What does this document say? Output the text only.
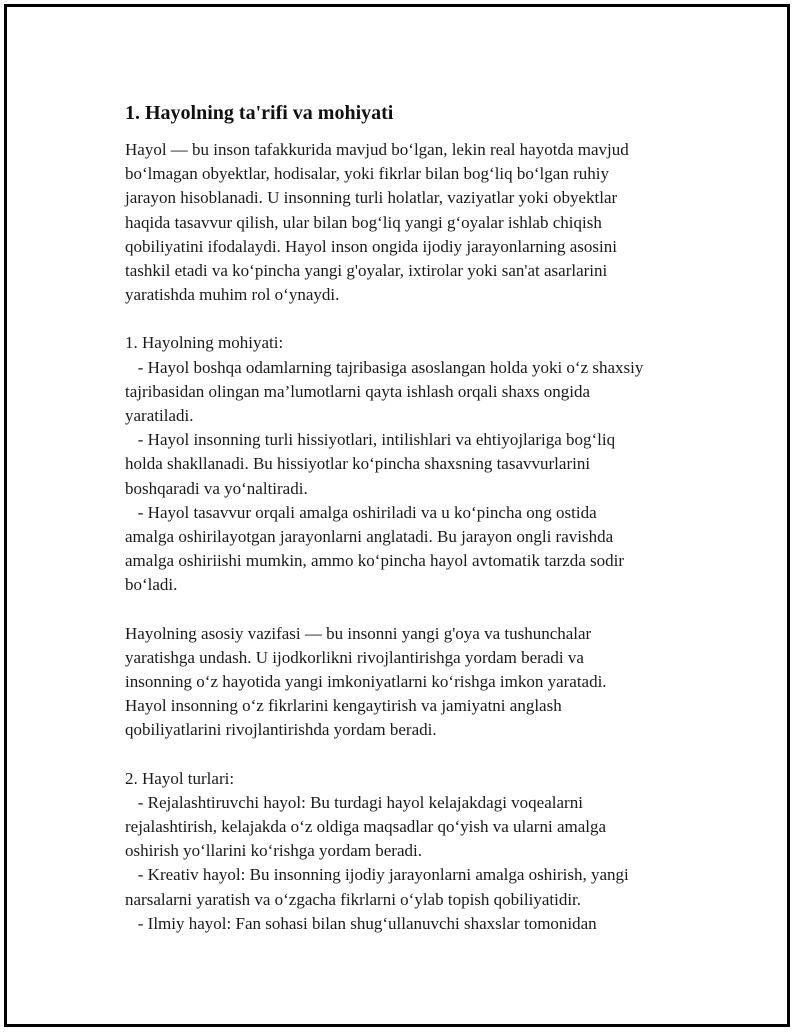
1. Hayolning ta'rifi va mohiyati

Hayol — bu inson tafakkurida mavjud bo‘lgan, lekin real hayotda mavjud
bo‘lmagan obyektlar, hodisalar, yoki fikrlar bilan bog‘liq bo‘lgan ruhiy
jarayon hisoblanadi. U insonning turli holatlar, vaziyatlar yoki obyektlar
haqida tasavvur qilish, ular bilan bog‘liq yangi g‘oyalar ishlab chiqish
qobiliyatini ifodalaydi. Hayol inson ongida ijodiy jarayonlarning asosini
tashkil etadi va ko‘pincha yangi g'oyalar, ixtirolar yoki san'at asarlarini
yaratishda muhim rol o‘ynaydi.

1. Hayolning mohiyati:
- Hayol boshqa odamlarning tajribasiga asoslangan holda yoki o‘z shaxsiy
tajribasidan olingan ma’lumotlarni qayta ishlash orqali shaxs ongida
yaratiladi.
- Hayol insonning turli hissiyotlari, intilishlari va ehtiyojlariga bog‘liq
holda shakllanadi. Bu hissiyotlar ko‘pincha shaxsning tasavvurlarini
boshqaradi va yo‘naltiradi.
- Hayol tasavvur orqali amalga oshiriladi va u ko‘pincha ong ostida
amalga oshirilayotgan jarayonlarni anglatadi. Bu jarayon ongli ravishda
amalga oshiriishi mumkin, ammo ko‘pincha hayol avtomatik tarzda sodir
bo‘ladi.

Hayolning asosiy vazifasi — bu insonni yangi g'oya va tushunchalar
yaratishga undash. U ijodkorlikni rivojlantirishga yordam beradi va
insonning o‘z hayotida yangi imkoniyatlarni ko‘rishga imkon yaratadi.
Hayol insonning o‘z fikrlarini kengaytirish va jamiyatni anglash
qobiliyatlarini rivojlantirishda yordam beradi.

2. Hayol turlari:
- Rejalashtiruvchi hayol: Bu turdagi hayol kelajakdagi voqealarni
rejalashtirish, kelajakda o‘z oldiga maqsadlar qo‘yish va ularni amalga
oshirish yo‘llarini ko‘rishga yordam beradi.
- Kreativ hayol: Bu insonning ijodiy jarayonlarni amalga oshirish, yangi
narsalarni yaratish va o‘zgacha fikrlarni o‘ylab topish qobiliyatidir.
- Ilmiy hayol: Fan sohasi bilan shug‘ullanuvchi shaxslar tomonidan
